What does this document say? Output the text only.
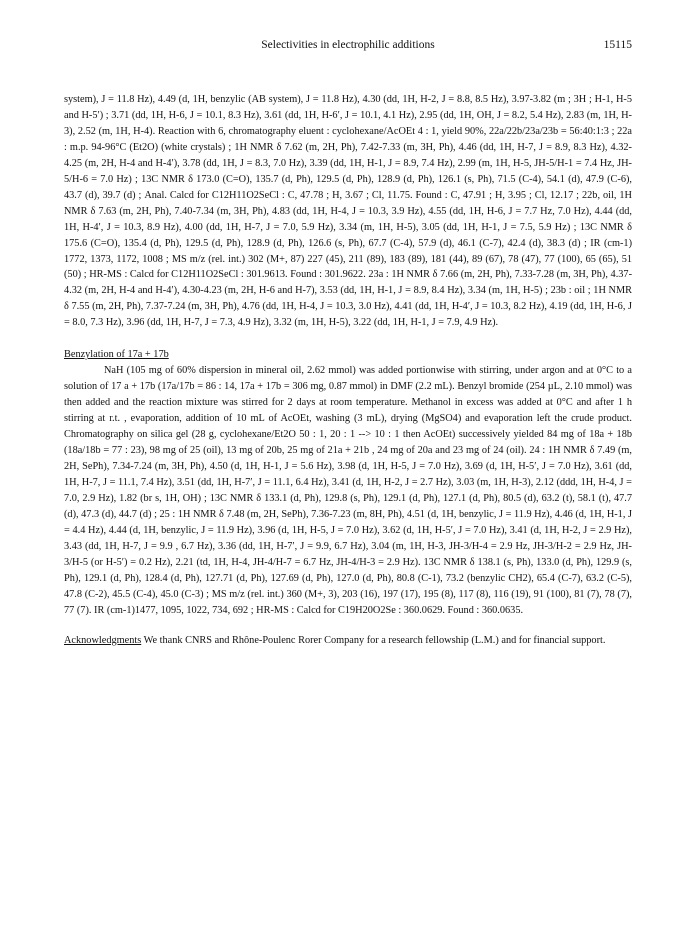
Selectivities in electrophilic additions	15115

system), J = 11.8 Hz), 4.49 (d, 1H, benzylic (AB system), J = 11.8 Hz), 4.30 (dd, 1H, H-2, J = 8.8, 8.5 Hz), 3.97-3.82 (m ; 3H ; H-1, H-5 and H-5′) ; 3.71 (dd, 1H, H-6, J = 10.1, 8.3 Hz), 3.61 (dd, 1H, H-6′, J = 10.1, 4.1 Hz), 2.95 (dd, 1H, OH, J = 8.2, 5.4 Hz), 2.83 (m, 1H, H-3), 2.52 (m, 1H, H-4). Reaction with 6, chromatography eluent : cyclohexane/AcOEt 4 : 1, yield 90%, 22a/22b/23a/23b = 56:40:1:3 ; 22a : m.p. 94-96°C (Et2O) (white crystals) ; 1H NMR δ 7.62 (m, 2H, Ph), 7.42-7.33 (m, 3H, Ph), 4.46 (dd, 1H, H-7, J = 8.9, 8.3 Hz), 4.32-4.25 (m, 2H, H-4 and H-4′), 3.78 (dd, 1H, J = 8.3, 7.0 Hz), 3.39 (dd, 1H, H-1, J = 8.9, 7.4 Hz), 2.99 (m, 1H, H-5, JH-5/H-1 = 7.4 Hz, JH-5/H-6 = 7.0 Hz) ; 13C NMR δ 173.0 (C=O), 135.7 (d, Ph), 129.5 (d, Ph), 128.9 (d, Ph), 126.1 (s, Ph), 71.5 (C-4), 54.1 (d), 47.9 (C-6), 43.7 (d), 39.7 (d) ; Anal. Calcd for C12H11O2SeCl : C, 47.78 ; H, 3.67 ; Cl, 11.75. Found : C, 47.91 ; H, 3.95 ; Cl, 12.17 ; 22b, oil, 1H NMR δ 7.63 (m, 2H, Ph), 7.40-7.34 (m, 3H, Ph), 4.83 (dd, 1H, H-4, J = 10.3, 3.9 Hz), 4.55 (dd, 1H, H-6, J = 7.7 Hz, 7.0 Hz), 4.44 (dd, 1H, H-4′, J = 10.3, 8.9 Hz), 4.00 (dd, 1H, H-7, J = 7.0, 5.9 Hz), 3.34 (m, 1H, H-5), 3.05 (dd, 1H, H-1, J = 7.5, 5.9 Hz) ; 13C NMR δ 175.6 (C=O), 135.4 (d, Ph), 129.5 (d, Ph), 128.9 (d, Ph), 126.6 (s, Ph), 67.7 (C-4), 57.9 (d), 46.1 (C-7), 42.4 (d), 38.3 (d) ; IR (cm-1) 1772, 1373, 1172, 1008 ; MS m/z (rel. int.) 302 (M+, 87) 227 (45), 211 (89), 183 (89), 181 (44), 89 (67), 78 (47), 77 (100), 65 (65), 51 (50) ; HR-MS : Calcd for C12H11O2SeCl : 301.9613. Found : 301.9622. 23a : 1H NMR δ 7.66 (m, 2H, Ph), 7.33-7.28 (m, 3H, Ph), 4.37-4.32 (m, 2H, H-4 and H-4′), 4.30-4.23 (m, 2H, H-6 and H-7), 3.53 (dd, 1H, H-1, J = 8.9, 8.4 Hz), 3.34 (m, 1H, H-5) ; 23b : oil ; 1H NMR δ 7.55 (m, 2H, Ph), 7.37-7.24 (m, 3H, Ph), 4.76 (dd, 1H, H-4, J = 10.3, 3.0 Hz), 4.41 (dd, 1H, H-4′, J = 10.3, 8.2 Hz), 4.19 (dd, 1H, H-6, J = 8.0, 7.3 Hz), 3.96 (dd, 1H, H-7, J = 7.3, 4.9 Hz), 3.32 (m, 1H, H-5), 3.22 (dd, 1H, H-1, J = 7.9, 4.9 Hz).

Benzylation of 17a + 17b

NaH (105 mg of 60% dispersion in mineral oil, 2.62 mmol) was added portionwise with stirring, under argon and at 0°C to a solution of 17 a + 17b (17a/17b = 86 : 14, 17a + 17b = 306 mg, 0.87 mmol) in DMF (2.2 mL). Benzyl bromide (254 µL, 2.10 mmol) was then added and the reaction mixture was stirred for 2 days at room temperature. Methanol in excess was added at 0°C and after 1 h stirring at r.t. , evaporation, addition of 10 mL of AcOEt, washing (3 mL), drying (MgSO4) and evaporation left the crude product. Chromatography on silica gel (28 g, cyclohexane/Et2O 50 : 1, 20 : 1 --> 10 : 1 then AcOEt) successively yielded 84 mg of 18a + 18b (18a/18b = 77 : 23), 98 mg of 25 (oil), 13 mg of 20b, 25 mg of 21a + 21b , 24 mg of 20a and 23 mg of 24 (oil). 24 : 1H NMR δ 7.49 (m, 2H, SePh), 7.34-7.24 (m, 3H, Ph), 4.50 (d, 1H, H-1, J = 5.6 Hz), 3.98 (d, 1H, H-5, J = 7.0 Hz), 3.69 (d, 1H, H-5′, J = 7.0 Hz), 3.61 (dd, 1H, H-7, J = 11.1, 7.4 Hz), 3.51 (dd, 1H, H-7′, J = 11.1, 6.4 Hz), 3.41 (d, 1H, H-2, J = 2.7 Hz), 3.03 (m, 1H, H-3), 2.12 (ddd, 1H, H-4, J = 7.0, 2.9 Hz), 1.82 (br s, 1H, OH) ; 13C NMR δ 133.1 (d, Ph), 129.8 (s, Ph), 129.1 (d, Ph), 127.1 (d, Ph), 80.5 (d), 63.2 (t), 58.1 (t), 47.7 (d), 47.3 (d), 44.7 (d) ; 25 : 1H NMR δ 7.48 (m, 2H, SePh), 7.36-7.23 (m, 8H, Ph), 4.51 (d, 1H, benzylic, J = 11.9 Hz), 4.46 (d, 1H, H-1, J = 4.4 Hz), 4.44 (d, 1H, benzylic, J = 11.9 Hz), 3.96 (d, 1H, H-5, J = 7.0 Hz), 3.62 (d, 1H, H-5′, J = 7.0 Hz), 3.41 (d, 1H, H-2, J = 2.9 Hz), 3.43 (dd, 1H, H-7, J = 9.9 , 6.7 Hz), 3.36 (dd, 1H, H-7′, J = 9.9, 6.7 Hz), 3.04 (m, 1H, H-3, JH-3/H-4 = 2.9 Hz, JH-3/H-2 = 2.9 Hz, JH-3/H-5 (or H-5′) = 0.2 Hz), 2.21 (td, 1H, H-4, JH-4/H-7 = 6.7 Hz, JH-4/H-3 = 2.9 Hz). 13C NMR δ 138.1 (s, Ph), 133.0 (d, Ph), 129.9 (s, Ph), 129.1 (d, Ph), 128.4 (d, Ph), 127.71 (d, Ph), 127.69 (d, Ph), 127.0 (d, Ph), 80.8 (C-1), 73.2 (benzylic CH2), 65.4 (C-7), 63.2 (C-5), 47.8 (C-2), 45.5 (C-4), 45.0 (C-3) ; MS m/z (rel. int.) 360 (M+, 3), 203 (16), 197 (17), 195 (8), 117 (8), 116 (19), 91 (100), 81 (7), 78 (7), 77 (7). IR (cm-1)1477, 1095, 1022, 734, 692 ; HR-MS : Calcd for C19H20O2Se : 360.0629. Found : 360.0635.

Acknowledgments We thank CNRS and Rhône-Poulenc Rorer Company for a research fellowship (L.M.) and for financial support.
